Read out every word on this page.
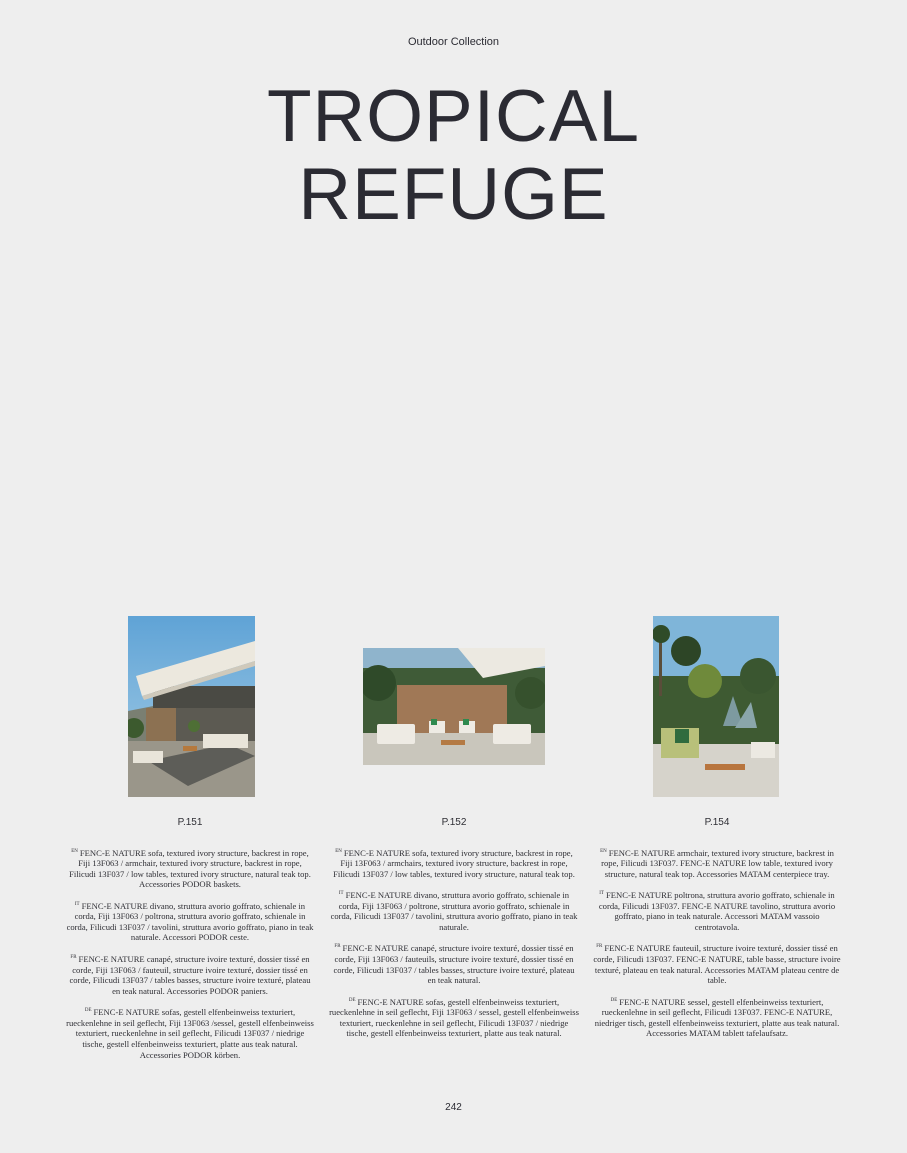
Outdoor Collection
TROPICAL
REFUGE
P.151

$^{EN}$ FENC-E NATURE sofa, textured ivory structure, backrest in rope, Fiji 13F063 / armchair, textured ivory structure, backrest in rope, Filicudi 13F037 / low tables, textured ivory structure, natural teak top. Accessories PODOR baskets.

$^{IT}$ FENC-E NATURE divano, struttura avorio goffrato, schienale in corda, Fiji 13F063 / poltrona, struttura avorio goffrato, schienale in corda, Filicudi 13F037 / tavolini, struttura avorio goffrato, piano in teak naturale. Accessori PODOR ceste.

$^{FR}$ FENC-E NATURE canapé, structure ivoire texturé, dossier tissé en corde, Fiji 13F063 / fauteuil, structure ivoire texturé, dossier tissé en corde, Filicudi 13F037 / tables basses, structure ivoire texturé, plateau en teak natural. Accessories PODOR paniers.

$^{DE}$ FENC-E NATURE sofas, gestell elfenbeinweiss texturiert, rueckenlehne in seil geflecht, Fiji 13F063 /sessel, gestell elfenbeinweiss texturiert, rueckenlehne in seil geflecht, Filicudi 13F037 / niedrige tische, gestell elfenbeinweiss texturiert, platte aus teak natural. Accessories PODOR körben.

P.152

$^{EN}$ FENC-E NATURE sofa, textured ivory structure, backrest in rope, Fiji 13F063 / armchairs, textured ivory structure, backrest in rope, Filicudi 13F037 / low tables, textured ivory structure, natural teak top.

$^{IT}$ FENC-E NATURE divano, struttura avorio goffrato, schienale in corda, Fiji 13F063 / poltrone, struttura avorio goffrato, schienale in corda, Filicudi 13F037 / tavolini, struttura avorio goffrato, piano in teak naturale.

$^{FR}$ FENC-E NATURE canapé, structure ivoire texturé, dossier tissé en corde, Fiji 13F063 / fauteuils, structure ivoire texturé, dossier tissé en corde, Filicudi 13F037 / tables basses, structure ivoire texturé, plateau en teak natural.

$^{DE}$ FENC-E NATURE sofas, gestell elfenbeinweiss texturiert, rueckenlehne in seil geflecht, Fiji 13F063 / sessel, gestell elfenbeinweiss texturiert, rueckenlehne in seil geflecht, Filicudi 13F037 / niedrige tische, gestell elfenbeinweiss texturiert, platte aus teak natural.

P.154

$^{EN}$ FENC-E NATURE armchair, textured ivory structure, backrest in rope, Filicudi 13F037. FENC-E NATURE low table, textured ivory structure, natural teak top. Accessories MATAM centerpiece tray.

$^{IT}$ FENC-E NATURE poltrona, struttura avorio goffrato, schienale in corda, Filicudi 13F037. FENC-E NATURE tavolino, struttura avorio goffrato, piano in teak naturale. Accessori MATAM vassoio centrotavola.

$^{FR}$ FENC-E NATURE fauteuil, structure ivoire texturé, dossier tissé en corde, Filicudi 13F037. FENC-E NATURE, table basse, structure ivoire texturé, plateau en teak natural. Accessories MATAM plateau centre de table.

$^{DE}$ FENC-E NATURE sessel, gestell elfenbeinweiss texturiert, rueckenlehne in seil geflecht, Filicudi 13F037. FENC-E NATURE, niedriger tisch, gestell elfenbeinweiss texturiert, platte aus teak natural. Accessories MATAM tablett tafelaufsatz.

242
